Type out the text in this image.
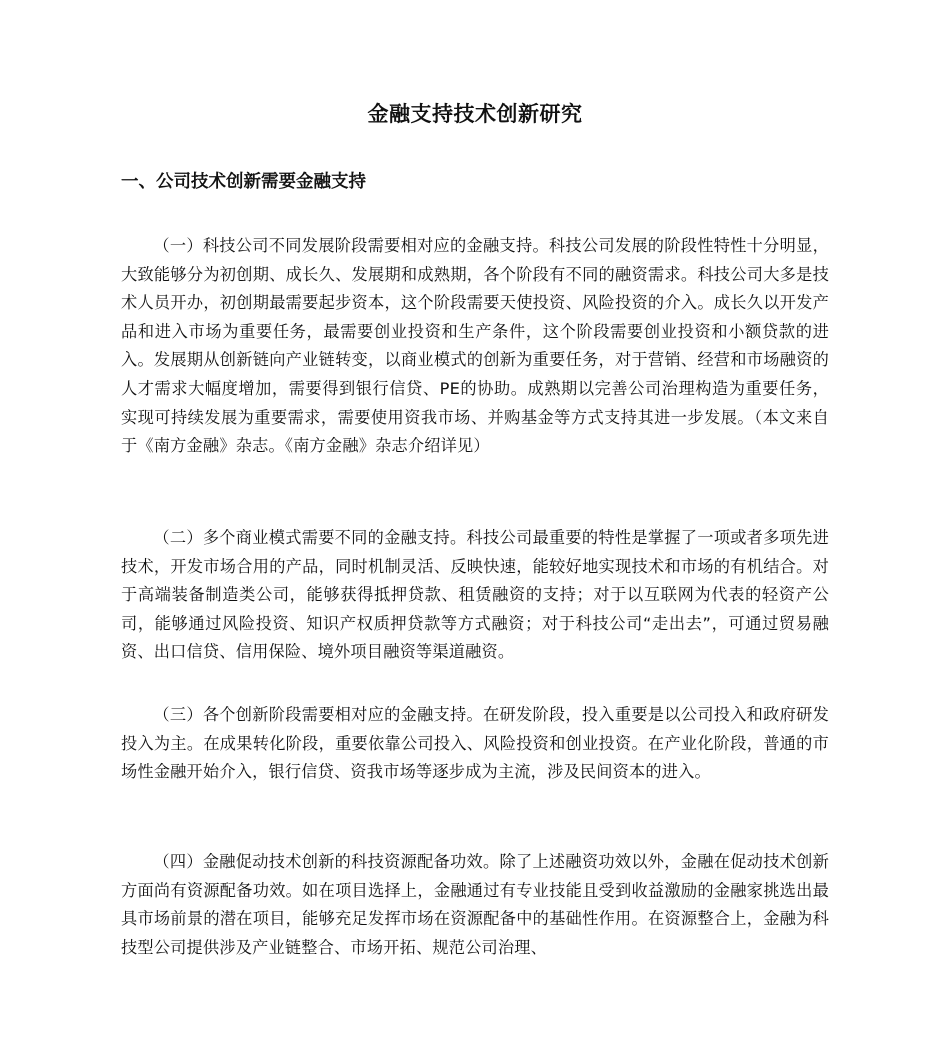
金融支持技术创新研究
一、公司技术创新需要金融支持

（一）科技公司不同发展阶段需要相对应的金融支持。科技公司发展的阶段性特性十分明显，大致能够分为初创期、成长久、发展期和成熟期，各个阶段有不同的融资需求。科技公司大多是技术人员开办，初创期最需要起步资本，这个阶段需要天使投资、风险投资的介入。成长久以开发产品和进入市场为重要任务，最需要创业投资和生产条件，这个阶段需要创业投资和小额贷款的进入。发展期从创新链向产业链转变，以商业模式的创新为重要任务，对于营销、经营和市场融资的人才需求大幅度增加，需要得到银行信贷、PE的协助。成熟期以完善公司治理构造为重要任务，实现可持续发展为重要需求，需要使用资我市场、并购基金等方式支持其进一步发展。（本文来自于《南方金融》杂志。《南方金融》杂志介绍详见）

（二）多个商业模式需要不同的金融支持。科技公司最重要的特性是掌握了一项或者多项先进技术，开发市场合用的产品，同时机制灵活、反映快速，能较好地实现技术和市场的有机结合。对于高端装备制造类公司，能够获得抵押贷款、租赁融资的支持；对于以互联网为代表的轻资产公司，能够通过风险投资、知识产权质押贷款等方式融资；对于科技公司“走出去”，可通过贸易融资、出口信贷、信用保险、境外项目融资等渠道融资。

（三）各个创新阶段需要相对应的金融支持。在研发阶段，投入重要是以公司投入和政府研发投入为主。在成果转化阶段，重要依靠公司投入、风险投资和创业投资。在产业化阶段，普通的市场性金融开始介入，银行信贷、资我市场等逐步成为主流，涉及民间资本的进入。

（四）金融促动技术创新的科技资源配备功效。除了上述融资功效以外，金融在促动技术创新方面尚有资源配备功效。如在项目选择上，金融通过有专业技能且受到收益激励的金融家挑选出最具市场前景的潜在项目，能够充足发挥市场在资源配备中的基础性作用。在资源整合上，金融为科技型公司提供涉及产业链整合、市场开拓、规范公司治理、
